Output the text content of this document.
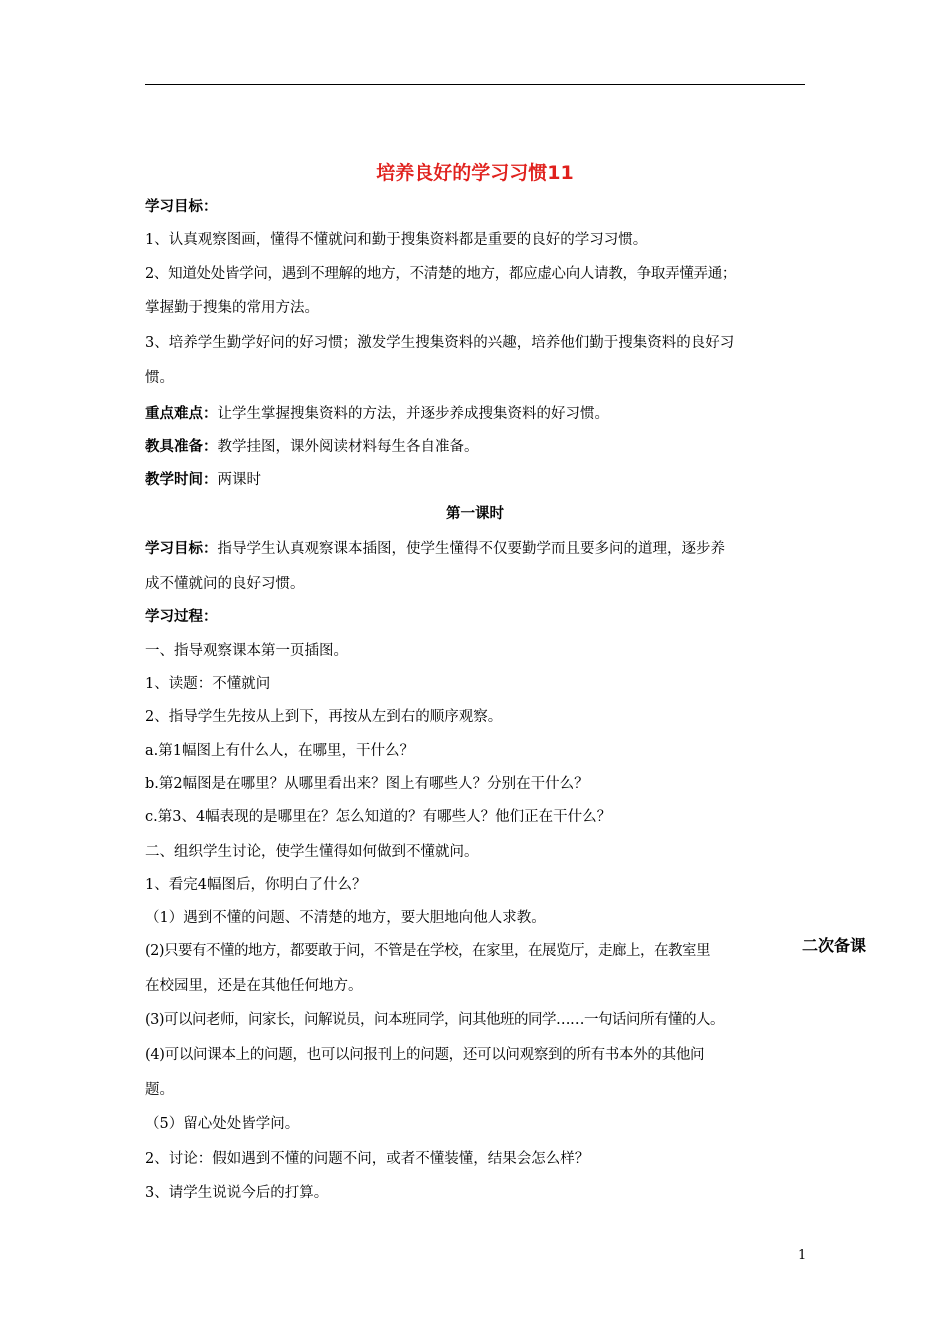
培养良好的学习习惯11
学习目标：
1、认真观察图画，懂得不懂就问和勤于搜集资料都是重要的良好的学习习惯。
2、知道处处皆学问，遇到不理解的地方，不清楚的地方，都应虚心向人请教，争取弄懂弄通；
掌握勤于搜集的常用方法。
3、培养学生勤学好问的好习惯；激发学生搜集资料的兴趣，培养他们勤于搜集资料的良好习
惯。
重点难点：让学生掌握搜集资料的方法，并逐步养成搜集资料的好习惯。
教具准备：教学挂图，课外阅读材料每生各自准备。
教学时间：两课时
第一课时
学习目标：指导学生认真观察课本插图，使学生懂得不仅要勤学而且要多问的道理，逐步养
成不懂就问的良好习惯。
学习过程：
一、指导观察课本第一页插图。
1、读题：不懂就问
2、指导学生先按从上到下，再按从左到右的顺序观察。
a.第1幅图上有什么人，在哪里，干什么？
b.第2幅图是在哪里？从哪里看出来？图上有哪些人？分别在干什么？
c.第3、4幅表现的是哪里在？怎么知道的？有哪些人？他们正在干什么？
二、组织学生讨论，使学生懂得如何做到不懂就问。
1、看完4幅图后，你明白了什么？
（1）遇到不懂的问题、不清楚的地方，要大胆地向他人求教。
(2)只要有不懂的地方，都要敢于问，不管是在学校，在家里，在展览厅，走廊上，在教室里
在校园里，还是在其他任何地方。
(3)可以问老师，问家长，问解说员，问本班同学，问其他班的同学……一句话问所有懂的人。
(4)可以问课本上的问题，也可以问报刊上的问题，还可以问观察到的所有书本外的其他问
题。
（5）留心处处皆学问。
2、讨论：假如遇到不懂的问题不问，或者不懂装懂，结果会怎么样？
3、请学生说说今后的打算。
二次备课
1
